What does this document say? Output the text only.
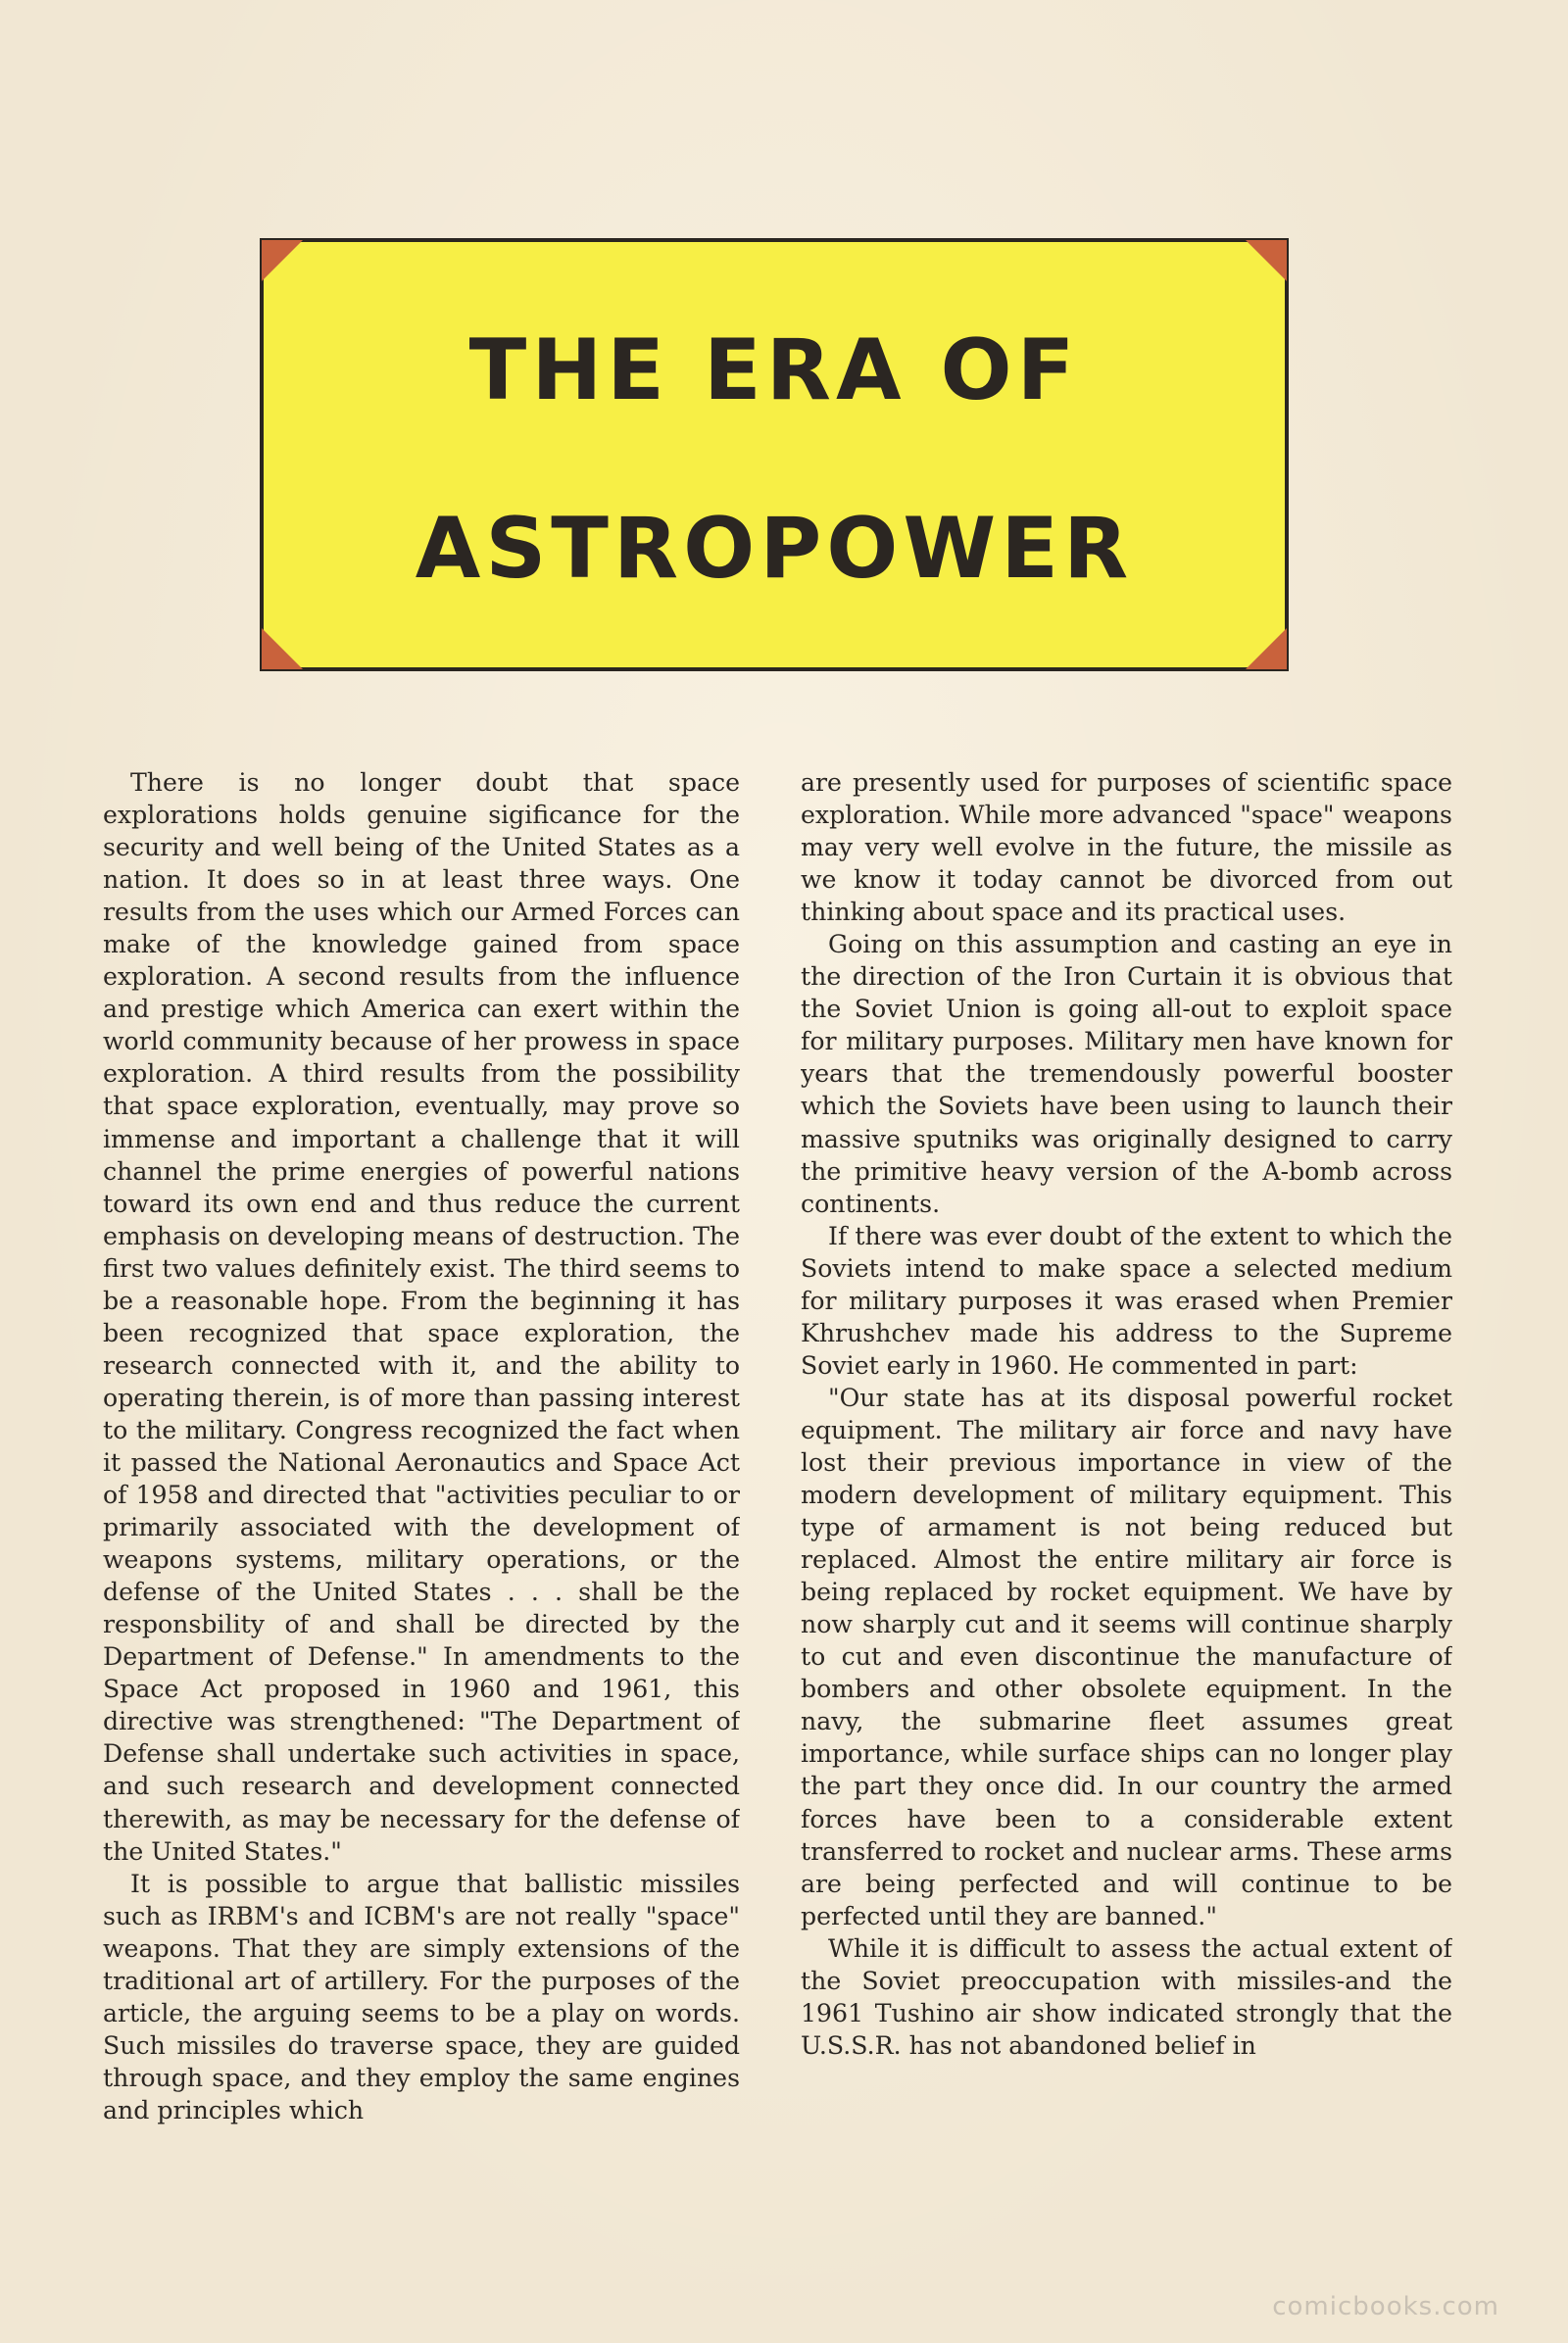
THE ERA OF
ASTROPOWER

There is no longer doubt that space explorations holds genuine sigificance for the security and well being of the United States as a nation. It does so in at least three ways. One results from the uses which our Armed Forces can make of the knowledge gained from space exploration. A second results from the influence and prestige which America can exert within the world community because of her prowess in space exploration. A third results from the possibility that space exploration, eventually, may prove so immense and important a challenge that it will channel the prime energies of powerful nations toward its own end and thus reduce the current emphasis on developing means of destruction. The first two values definitely exist. The third seems to be a reasonable hope. From the beginning it has been recognized that space exploration, the research connected with it, and the ability to operating therein, is of more than passing interest to the military. Congress recognized the fact when it passed the National Aeronautics and Space Act of 1958 and directed that "activities peculiar to or primarily associated with the development of weapons systems, military operations, or the defense of the United States . . . shall be the responsbility of and shall be directed by the Department of Defense." In amendments to the Space Act proposed in 1960 and 1961, this directive was strengthened: "The Department of Defense shall undertake such activities in space, and such research and development connected therewith, as may be necessary for the defense of the United States."

It is possible to argue that ballistic missiles such as IRBM's and ICBM's are not really "space" weapons. That they are simply extensions of the traditional art of artillery. For the purposes of the article, the arguing seems to be a play on words. Such missiles do traverse space, they are guided through space, and they employ the same engines and principles which

are presently used for purposes of scientific space exploration. While more advanced "space" weapons may very well evolve in the future, the missile as we know it today cannot be divorced from out thinking about space and its practical uses.

Going on this assumption and casting an eye in the direction of the Iron Curtain it is obvious that the Soviet Union is going all-out to exploit space for military purposes. Military men have known for years that the tremendously powerful booster which the Soviets have been using to launch their massive sputniks was originally designed to carry the primitive heavy version of the A-bomb across continents.

If there was ever doubt of the extent to which the Soviets intend to make space a selected medium for military purposes it was erased when Premier Khrushchev made his address to the Supreme Soviet early in 1960. He commented in part:

"Our state has at its disposal powerful rocket equipment. The military air force and navy have lost their previous importance in view of the modern development of military equipment. This type of armament is not being reduced but replaced. Almost the entire military air force is being replaced by rocket equipment. We have by now sharply cut and it seems will continue sharply to cut and even discontinue the manufacture of bombers and other obsolete equipment. In the navy, the submarine fleet assumes great importance, while surface ships can no longer play the part they once did. In our country the armed forces have been to a considerable extent transferred to rocket and nuclear arms. These arms are being perfected and will continue to be perfected until they are banned."

While it is difficult to assess the actual extent of the Soviet preoccupation with missiles-and the 1961 Tushino air show indicated strongly that the U.S.S.R. has not abandoned belief in

comicbooks.com
